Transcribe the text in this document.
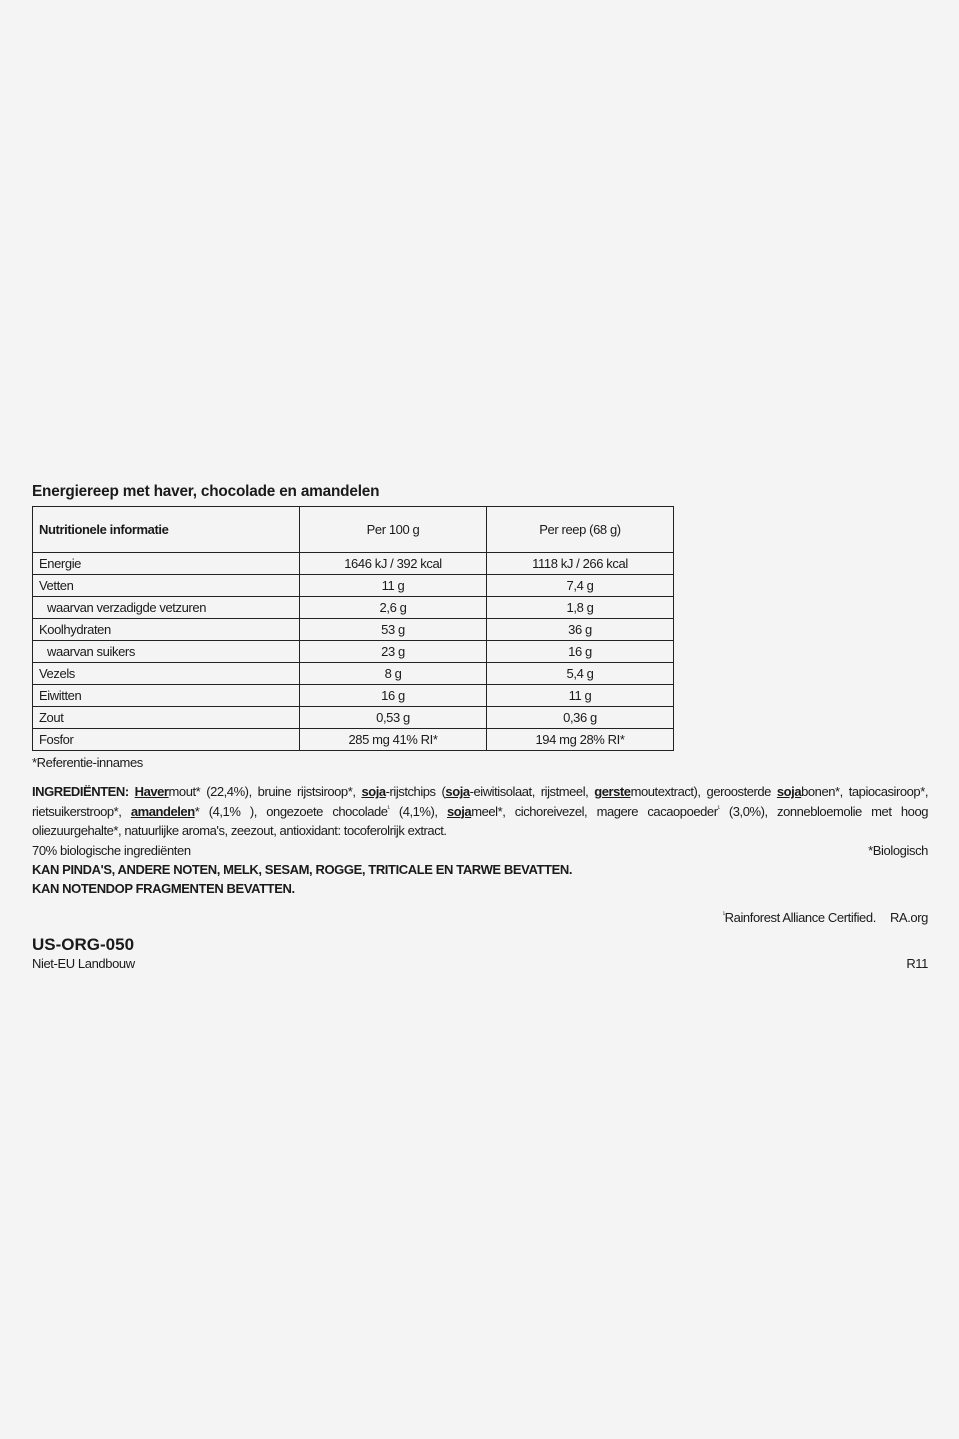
Energiereep met haver, chocolade en amandelen
Nutritionele informatie	Per 100 g	Per reep (68 g)
Energie	1646 kJ / 392 kcal	1118 kJ / 266 kcal
Vetten	11 g	7,4 g
waarvan verzadigde vetzuren	2,6 g	1,8 g
Koolhydraten	53 g	36 g
waarvan suikers	23 g	16 g
Vezels	8 g	5,4 g
Eiwitten	16 g	11 g
Zout	0,53 g	0,36 g
Fosfor	285 mg 41% RI*	194 mg 28% RI*
*Referentie-innames
INGREDIËNTEN: Havermout* (22,4%), bruine rijstsiroop*, soja-rijstchips (soja-eiwitisolaat, rijstmeel, gerstemoutextract), geroosterde sojabonen*, tapiocasiroop*, rietsuikerstroop*, amandelen* (4,1% ), ongezoete chocolade$^{^1}$ (4,1%), sojameel*, cichoreivezel, magere cacaopoeder$^{^1}$ (3,0%), zonnebloemolie met hoog oliezuurgehalte*, natuurlijke aroma's, zeezout, antioxidant: tocoferolrijk extract.
70% biologische ingrediënten	*Biologisch
KAN PINDA'S, ANDERE NOTEN, MELK, SESAM, ROGGE, TRITICALE EN TARWE BEVATTEN.
KAN NOTENDOP FRAGMENTEN BEVATTEN.
$^{^1}$Rainforest Alliance Certified. RA.org
US-ORG-050
Niet-EU Landbouw	R11
